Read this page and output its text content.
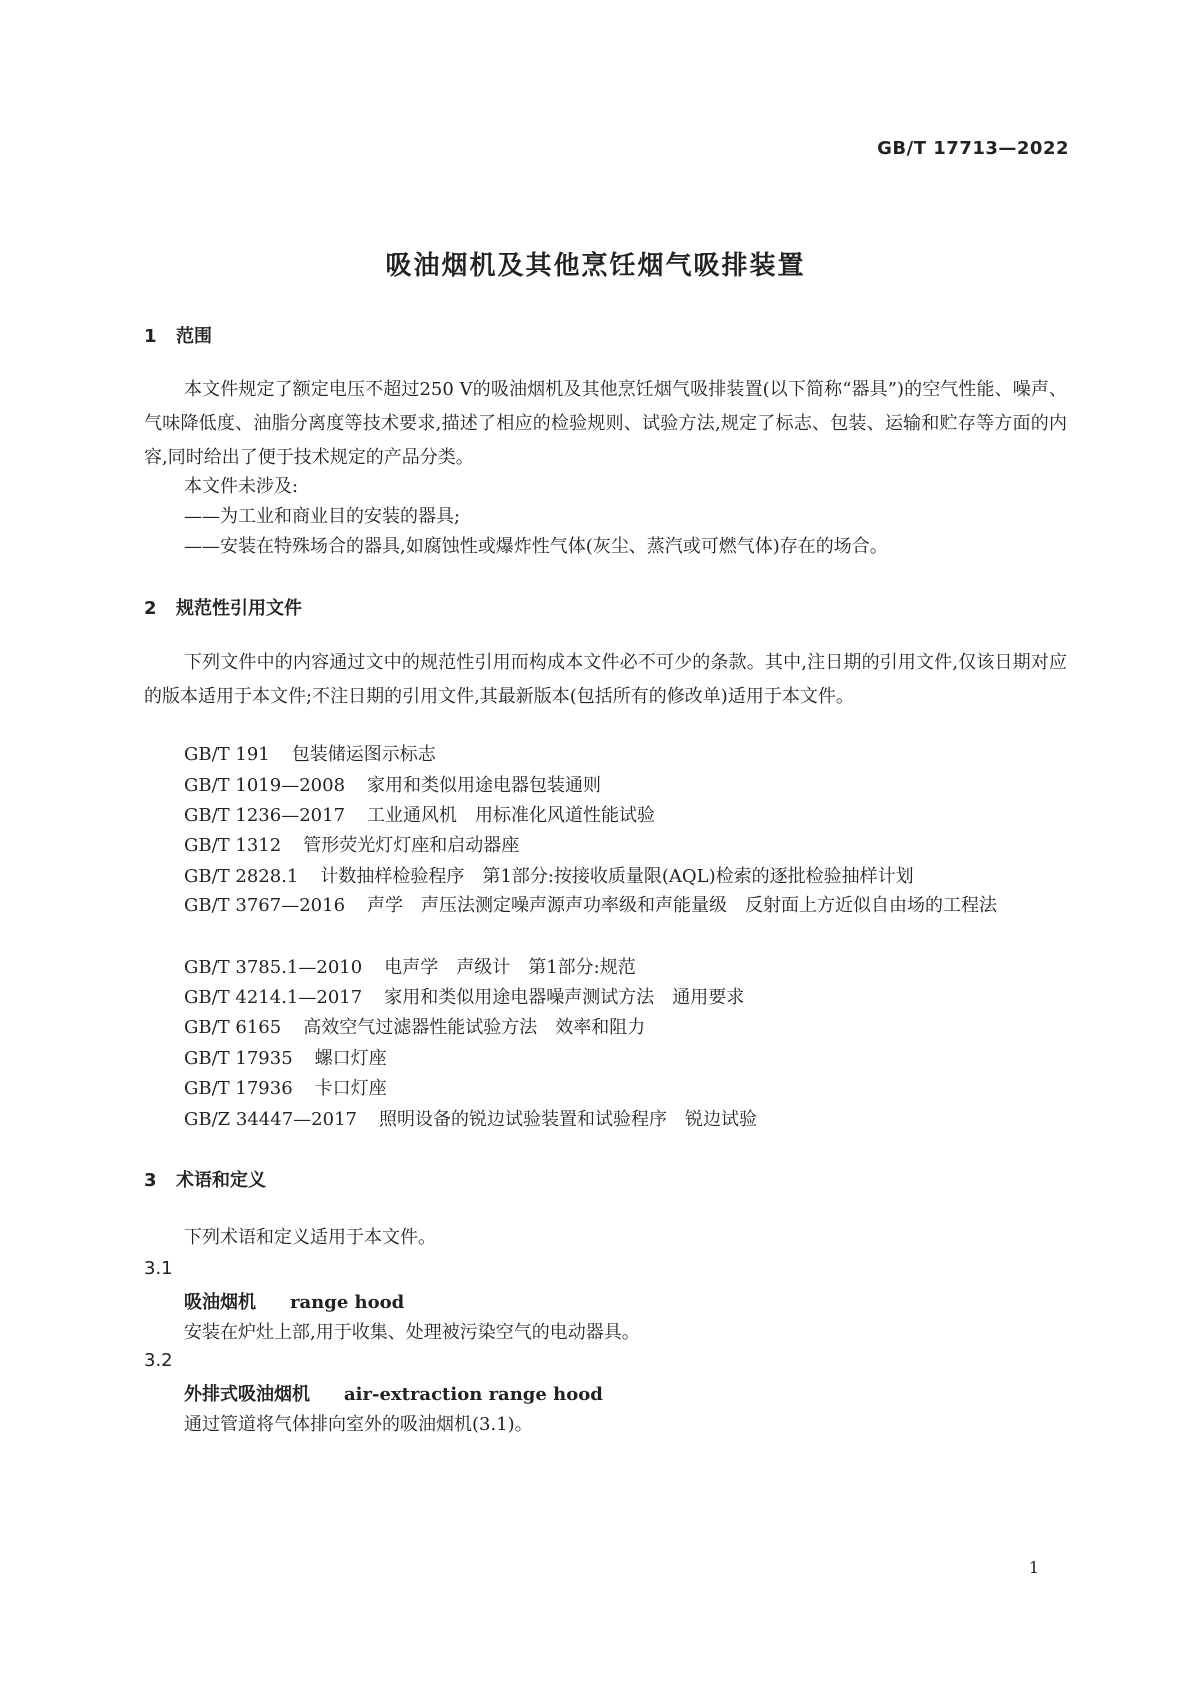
GB/T 17713—2022
吸油烟机及其他烹饪烟气吸排装置
1 范围

本文件规定了额定电压不超过250 V的吸油烟机及其他烹饪烟气吸排装置(以下简称“器具”)的空气性能、噪声、气味降低度、油脂分离度等技术要求,描述了相应的检验规则、试验方法,规定了标志、包装、运输和贮存等方面的内容,同时给出了便于技术规定的产品分类。

本文件未涉及:
——为工业和商业目的安装的器具;
——安装在特殊场合的器具,如腐蚀性或爆炸性气体(灰尘、蒸汽或可燃气体)存在的场合。
2 规范性引用文件

下列文件中的内容通过文中的规范性引用而构成本文件必不可少的条款。其中,注日期的引用文件,仅该日期对应的版本适用于本文件;不注日期的引用文件,其最新版本(包括所有的修改单)适用于本文件。

GB/T 191 包装储运图示标志
GB/T 1019—2008 家用和类似用途电器包装通则
GB/T 1236—2017 工业通风机　用标准化风道性能试验
GB/T 1312 管形荧光灯灯座和启动器座
GB/T 2828.1 计数抽样检验程序　第1部分:按接收质量限(AQL)检索的逐批检验抽样计划

GB/T 3767—2016 声学　声压法测定噪声源声功率级和声能量级　反射面上方近似自由场的工程法

GB/T 3785.1—2010 电声学　声级计　第1部分:规范
GB/T 4214.1—2017 家用和类似用途电器噪声测试方法　通用要求
GB/T 6165 高效空气过滤器性能试验方法　效率和阻力
GB/T 17935 螺口灯座
GB/T 17936 卡口灯座
GB/Z 34447—2017 照明设备的锐边试验装置和试验程序　锐边试验
3 术语和定义
下列术语和定义适用于本文件。
3.1
吸油烟机 range hood
安装在炉灶上部,用于收集、处理被污染空气的电动器具。
3.2
外排式吸油烟机 air-extraction range hood
通过管道将气体排向室外的吸油烟机(3.1)。
1
